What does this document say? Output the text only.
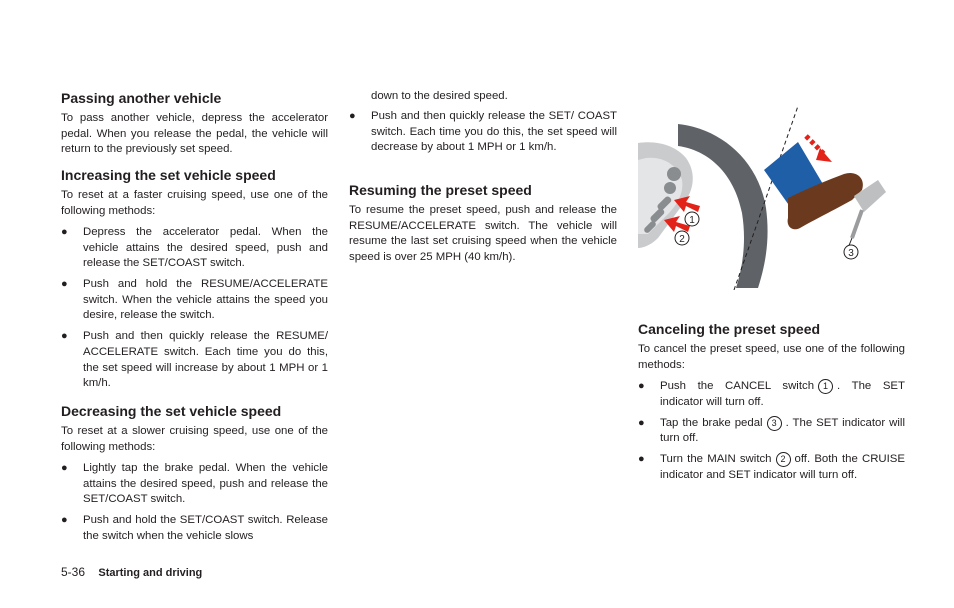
Passing another vehicle

To pass another vehicle, depress the accelerator pedal. When you release the pedal, the vehicle will return to the previously set speed.

Increasing the set vehicle speed

To reset at a faster cruising speed, use one of the following methods:

● Depress the accelerator pedal. When the vehicle attains the desired speed, push and release the SET/COAST switch.
● Push and hold the RESUME/ACCELERATE switch. When the vehicle attains the speed you desire, release the switch.
● Push and then quickly release the RESUME/ ACCELERATE switch. Each time you do this, the set speed will increase by about 1 MPH or 1 km/h.
Decreasing the set vehicle speed

To reset at a slower cruising speed, use one of the following methods:

● Lightly tap the brake pedal. When the vehicle attains the desired speed, push and release the SET/COAST switch.
● Push and hold the SET/COAST switch. Release the switch when the vehicle slows
down to the desired speed.
● Push and then quickly release the SET/ COAST switch. Each time you do this, the set speed will decrease by about 1 MPH or 1 km/h.
Resuming the preset speed

To resume the preset speed, push and release the RESUME/ACCELERATE switch. The vehicle will resume the last set cruising speed when the vehicle speed is over 25 MPH (40 km/h).

1
2
3
Canceling the preset speed

To cancel the preset speed, use one of the following methods:

● Push the CANCEL switch 1 . The SET indicator will turn off.
● Tap the brake pedal 3 . The SET indicator will turn off.
● Turn the MAIN switch 2 off. Both the CRUISE indicator and SET indicator will turn off.
5-36 Starting and driving
